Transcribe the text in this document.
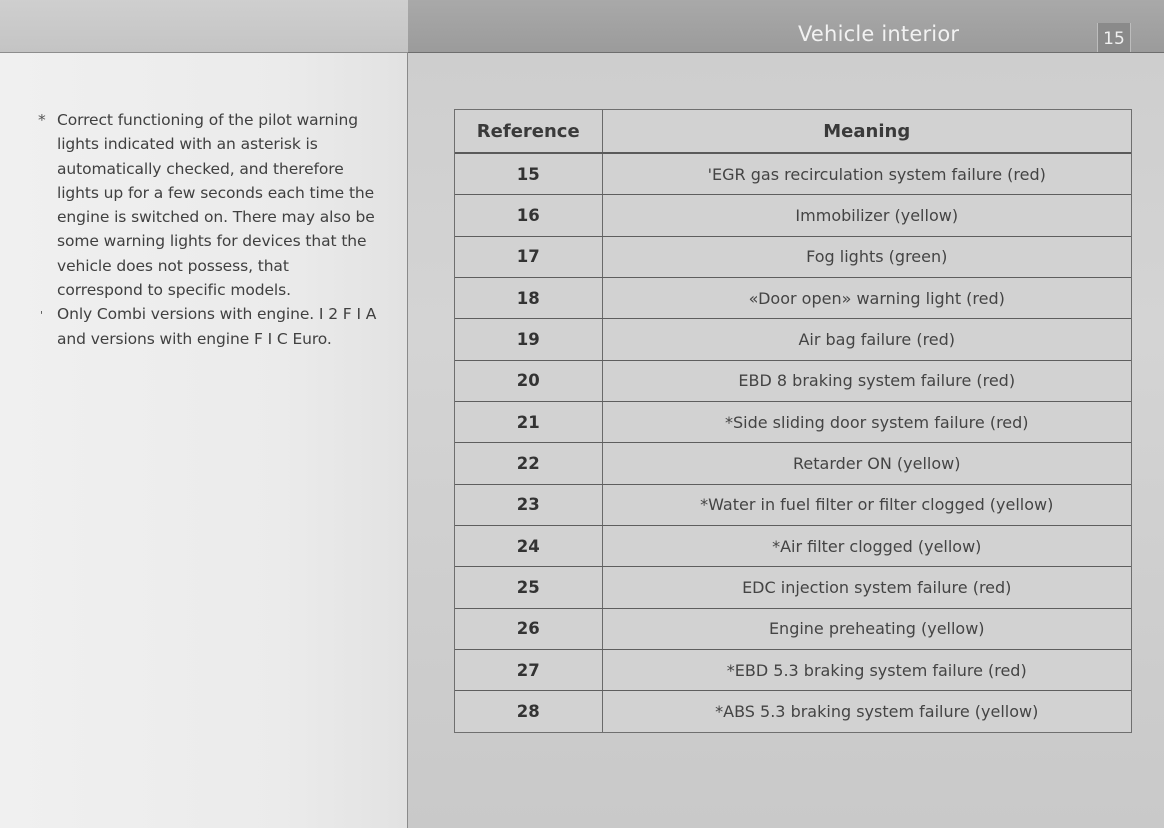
* Correct functioning of the pilot warning lights indicated with an asterisk is automatically checked, and therefore lights up for a few seconds each time the engine is switched on. There may also be some warning lights for devices that the vehicle does not possess, that correspond to specific models.

' Only Combi versions with engine. I 2 F I A and versions with engine F I C Euro.

Vehicle interior	15
Reference	Meaning
15	'EGR gas recirculation system failure (red)
16	Immobilizer (yellow)
17	Fog lights (green)
18	«Door open» warning light (red)
19	Air bag failure (red)
20	EBD 8 braking system failure (red)
21	*Side sliding door system failure (red)
22	Retarder ON (yellow)
23	*Water in fuel filter or filter clogged (yellow)
24	*Air filter clogged (yellow)
25	EDC injection system failure (red)
26	Engine preheating (yellow)
27	*EBD 5.3 braking system failure (red)
28	*ABS 5.3 braking system failure (yellow)
